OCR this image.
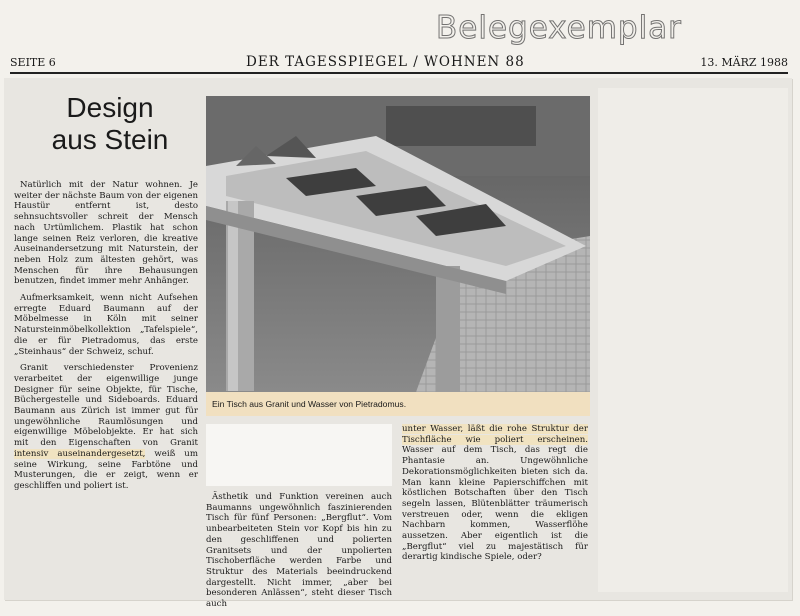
Belegexemplar
SEITE 6	DER TAGESSPIEGEL / WOHNEN 88	13. MÄRZ 1988
Design
aus Stein

Natürlich mit der Natur wohnen. Je weiter der nächste Baum von der eigenen Haustür entfernt ist, desto sehnsuchtsvoller schreit der Mensch nach Urtümlichem. Plastik hat schon lange seinen Reiz verloren, die kreative Auseinandersetzung mit Naturstein, der neben Holz zum ältesten gehört, was Menschen für ihre Behausungen benutzen, findet immer mehr Anhänger.

Aufmerksamkeit, wenn nicht Aufsehen erregte Eduard Baumann auf der Möbelmesse in Köln mit seiner Natursteinmöbelkollektion „Tafelspiele“, die er für Pietradomus, das erste „Steinhaus“ der Schweiz, schuf.

Granit verschiedenster Provenienz verarbeitet der eigenwillige junge Designer für seine Objekte, für Tische, Büchergestelle und Sideboards. Eduard Baumann aus Zürich ist immer gut für ungewöhnliche Raumlösungen und eigenwillige Möbelobjekte. Er hat sich mit den Eigenschaften von Granit intensiv auseinandergesetzt, weiß um seine Wirkung, seine Farbtöne und Musterungen, die er zeigt, wenn er geschliffen und poliert ist.

Ein Tisch aus Granit und Wasser von Pietradomus.

Ästhetik und Funktion vereinen auch Baumanns ungewöhnlich faszinierenden Tisch für fünf Personen: „Bergflut“. Vom unbearbeiteten Stein vor Kopf bis hin zu den geschliffenen und polierten Granitsets und der unpolierten Tischoberfläche werden Farbe und Struktur des Materials beeindruckend dargestellt. Nicht immer, „aber bei besonderen Anlässen“, steht dieser Tisch auch

unter Wasser, läßt die rohe Struktur der Tischfläche wie poliert erscheinen. Wasser auf dem Tisch, das regt die Phantasie an. Ungewöhnliche Dekorationsmöglichkeiten bieten sich da. Man kann kleine Papierschiffchen mit köstlichen Botschaften über den Tisch segeln lassen, Blütenblätter träumerisch verstreuen oder, wenn die ekligen Nachbarn kommen, Wasserflöhe aussetzen. Aber eigentlich ist die „Bergflut“ viel zu majestätisch für derartig kindische Spiele, oder?
